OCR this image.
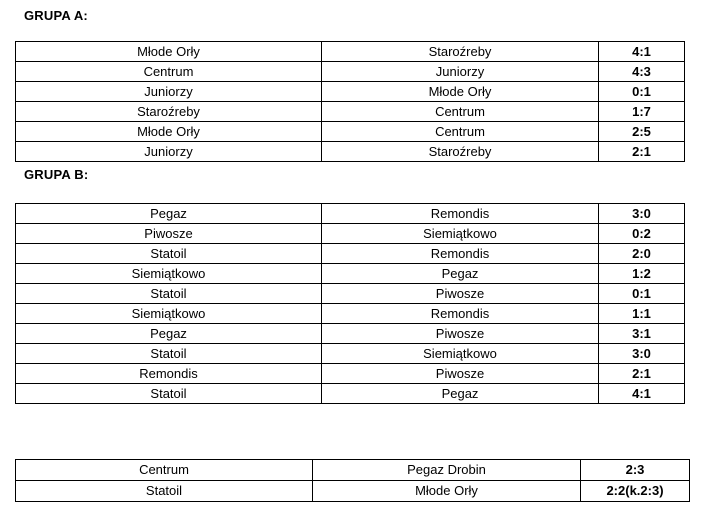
GRUPA A:
Młode Orły	Staroźreby	4:1
Centrum	Juniorzy	4:3
Juniorzy	Młode Orły	0:1
Staroźreby	Centrum	1:7
Młode Orły	Centrum	2:5
Juniorzy	Staroźreby	2:1
GRUPA B:
Pegaz	Remondis	3:0
Piwosze	Siemiątkowo	0:2
Statoil	Remondis	2:0
Siemiątkowo	Pegaz	1:2
Statoil	Piwosze	0:1
Siemiątkowo	Remondis	1:1
Pegaz	Piwosze	3:1
Statoil	Siemiątkowo	3:0
Remondis	Piwosze	2:1
Statoil	Pegaz	4:1
Centrum	Pegaz Drobin	2:3
Statoil	Młode Orły	2:2(k.2:3)
